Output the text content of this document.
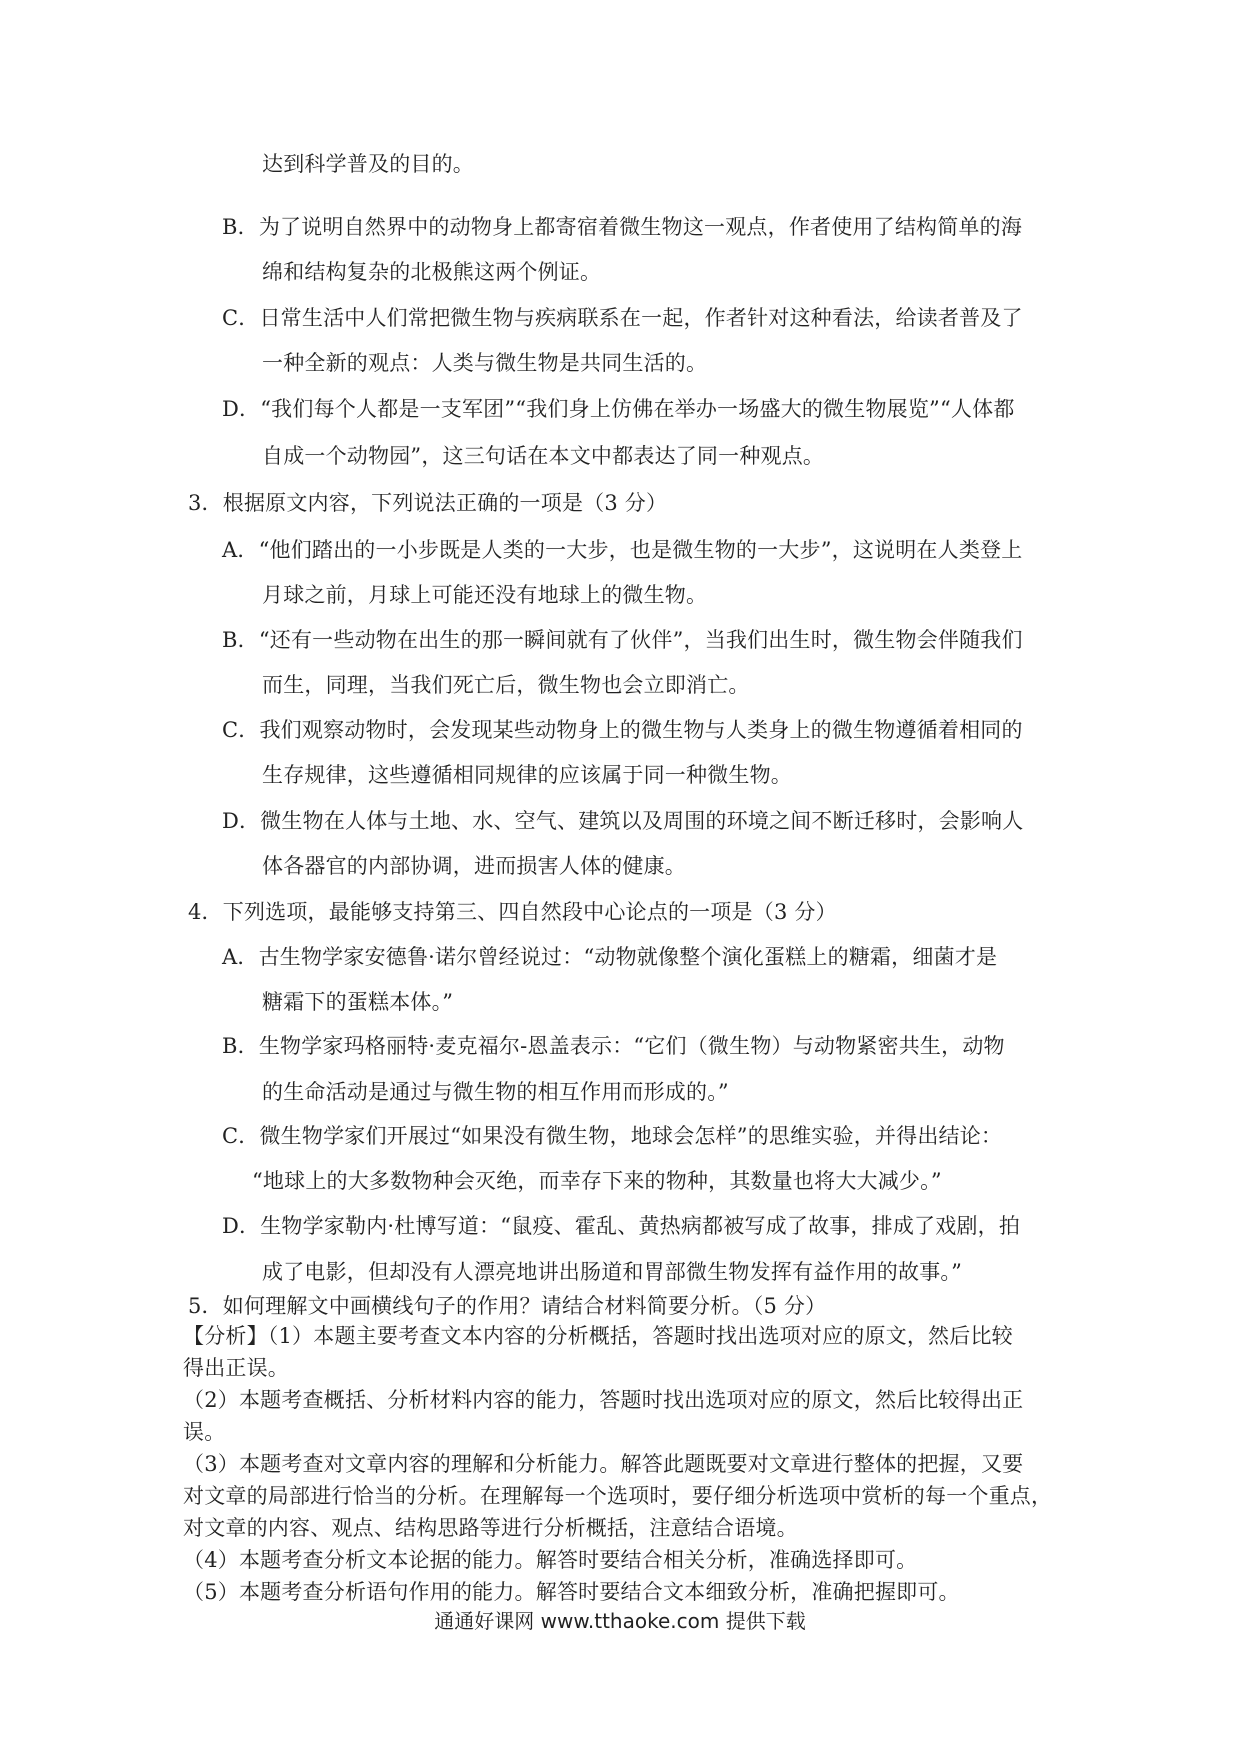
达到科学普及的目的。
B．为了说明自然界中的动物身上都寄宿着微生物这一观点，作者使用了结构简单的海
绵和结构复杂的北极熊这两个例证。
C．日常生活中人们常把微生物与疾病联系在一起，作者针对这种看法，给读者普及了
一种全新的观点：人类与微生物是共同生活的。
D．“我们每个人都是一支军团”“我们身上仿佛在举办一场盛大的微生物展览”“人体都
自成一个动物园”，这三句话在本文中都表达了同一种观点。
3．根据原文内容，下列说法正确的一项是（3 分）
A．“他们踏出的一小步既是人类的一大步，也是微生物的一大步”，这说明在人类登上
月球之前，月球上可能还没有地球上的微生物。
B．“还有一些动物在出生的那一瞬间就有了伙伴”，当我们出生时，微生物会伴随我们
而生，同理，当我们死亡后，微生物也会立即消亡。
C．我们观察动物时，会发现某些动物身上的微生物与人类身上的微生物遵循着相同的
生存规律，这些遵循相同规律的应该属于同一种微生物。
D．微生物在人体与土地、水、空气、建筑以及周围的环境之间不断迁移时，会影响人
体各器官的内部协调，进而损害人体的健康。
4．下列选项，最能够支持第三、四自然段中心论点的一项是（3 分）
A．古生物学家安德鲁·诺尔曾经说过：“动物就像整个演化蛋糕上的糖霜，细菌才是
糖霜下的蛋糕本体。”
B．生物学家玛格丽特·麦克福尔-恩盖表示：“它们（微生物）与动物紧密共生，动物
的生命活动是通过与微生物的相互作用而形成的。”
C．微生物学家们开展过“如果没有微生物，地球会怎样”的思维实验，并得出结论：
“地球上的大多数物种会灭绝，而幸存下来的物种，其数量也将大大减少。”
D．生物学家勒内·杜博写道：“鼠疫、霍乱、黄热病都被写成了故事，排成了戏剧，拍
成了电影，但却没有人漂亮地讲出肠道和胃部微生物发挥有益作用的故事。”
5．如何理解文中画横线句子的作用？请结合材料简要分析。（5 分）
【分析】（1）本题主要考查文本内容的分析概括，答题时找出选项对应的原文，然后比较
得出正误。
（2）本题考查概括、分析材料内容的能力，答题时找出选项对应的原文，然后比较得出正
误。
（3）本题考查对文章内容的理解和分析能力。解答此题既要对文章进行整体的把握，又要
对文章的局部进行恰当的分析。在理解每一个选项时，要仔细分析选项中赏析的每一个重点，
对文章的内容、观点、结构思路等进行分析概括，注意结合语境。
（4）本题考查分析文本论据的能力。解答时要结合相关分析，准确选择即可。
（5）本题考查分析语句作用的能力。解答时要结合文本细致分析，准确把握即可。
通通好课网 www.tthaoke.com 提供下载
